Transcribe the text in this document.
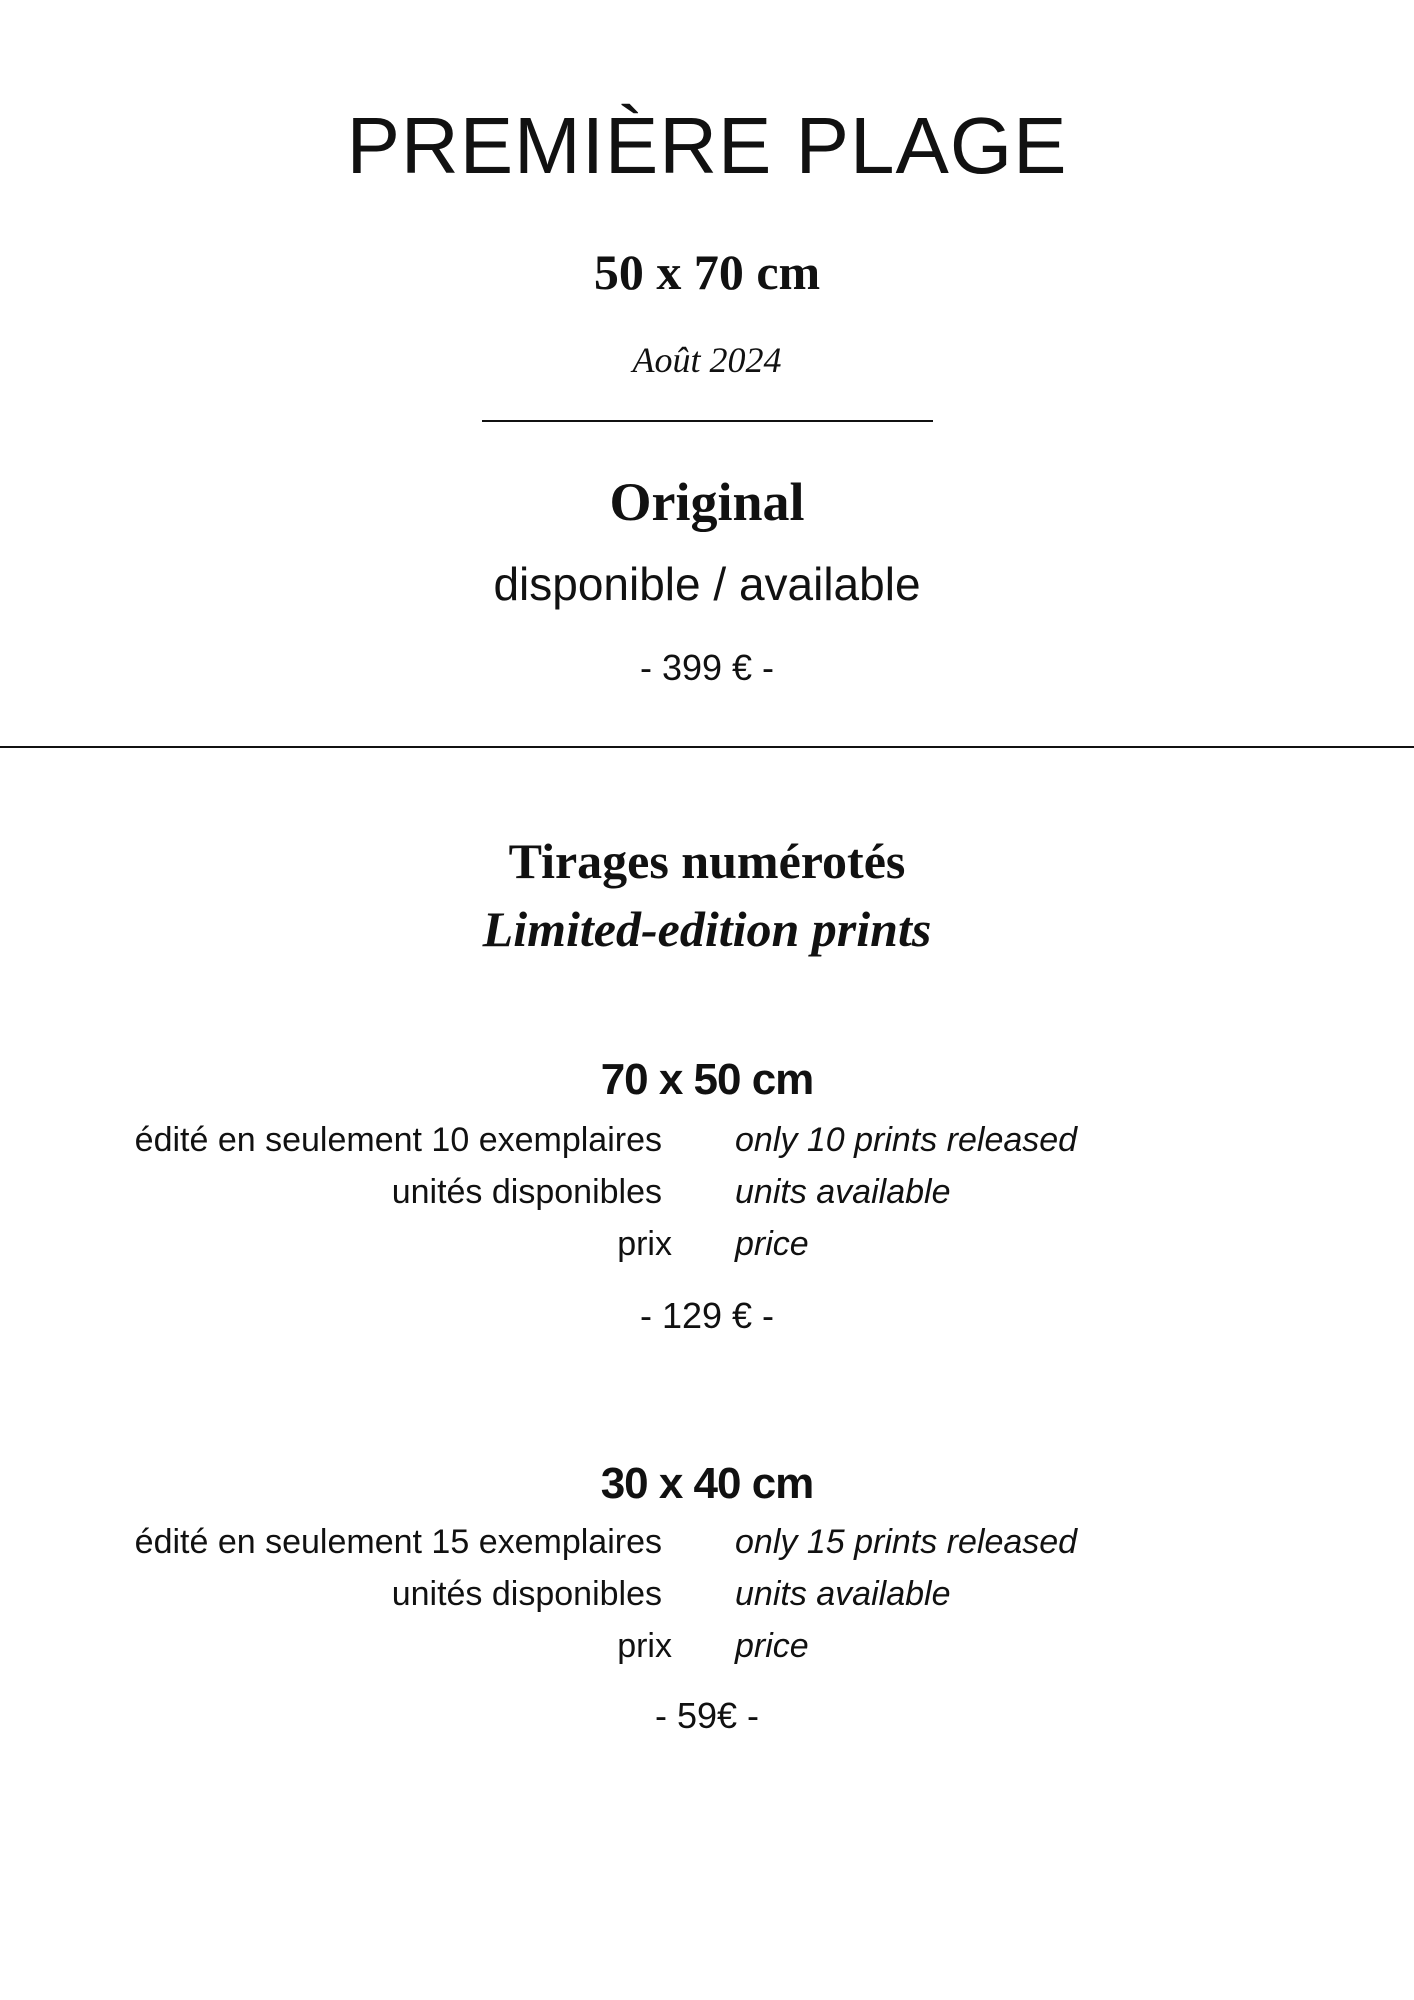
PREMIÈRE PLAGE
50 x 70 cm
Août 2024
Original
disponible / available
- 399 € -
Tirages numérotés
Limited-edition prints
70 x 50 cm
édité en seulement 10 exemplaires only 10 prints released
unités disponibles units available
prix price
- 129 € -
30 x 40 cm
édité en seulement 15 exemplaires only 15 prints released
unités disponibles units available
prix price
- 59€ -
